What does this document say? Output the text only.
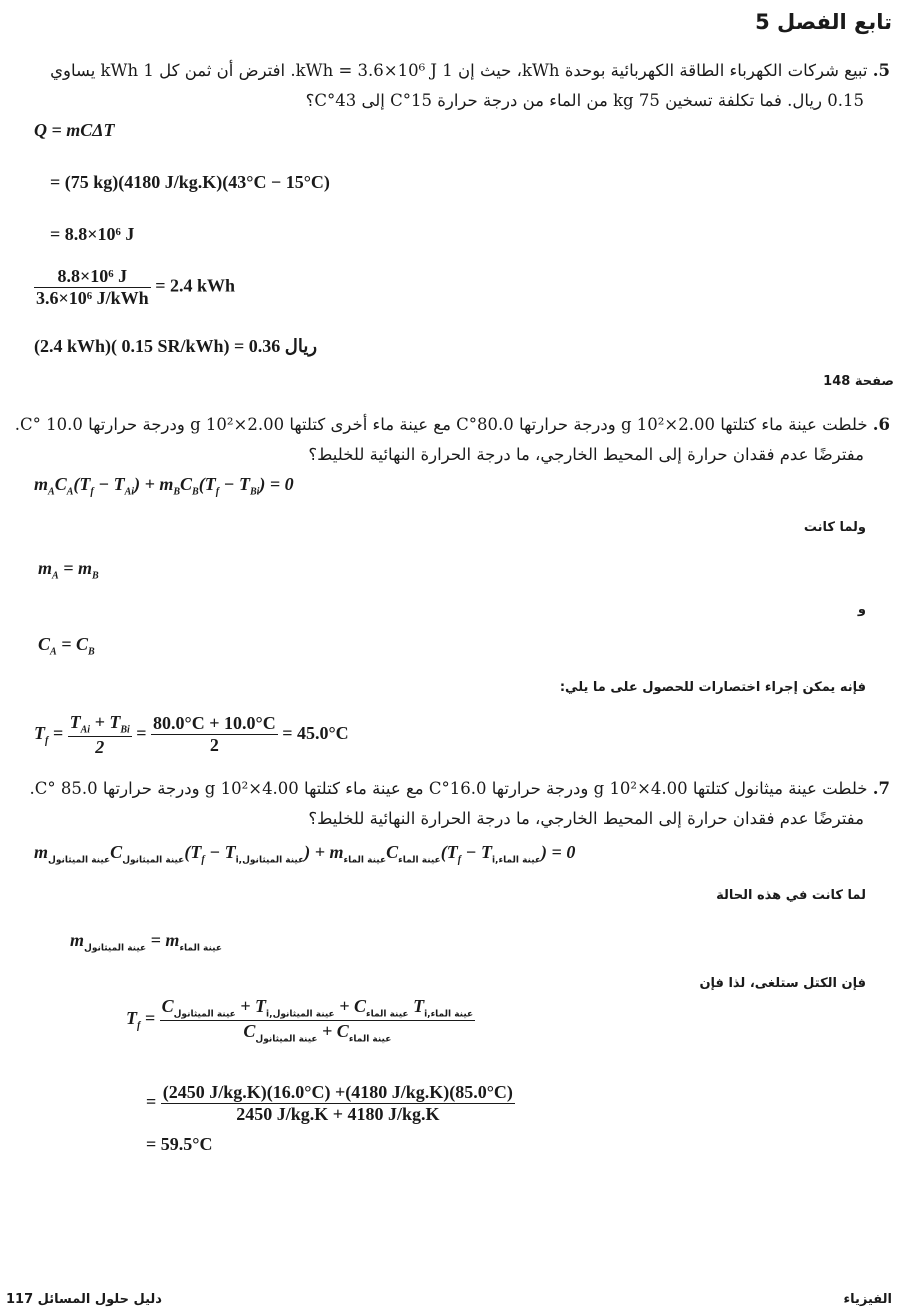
تابع الفصل 5
5. تبيع شركات الكهرباء الطاقة الكهربائية بوحدة kWh، حيث إن 1 kWh = 3.6×10⁶ J. افترض أن ثمن كل 1 kWh يساوي
0.15 ريال. فما تكلفة تسخين 75 kg من الماء من درجة حرارة 15°C إلى 43°C؟
Q = mCΔT
= (75 kg)(4180 J/kg.K)(43°C − 15°C)
= 8.8×10⁶ J
$\frac{\text{8.8×10⁶ J}}{\text{3.6×10⁶ J/kWh}} = 2.4$ kWh
(2.4 kWh)( 0.15 SR/kWh) = 0.36 ريال
صفحة 148
6. خلطت عينة ماء كتلتها 2.00×10² g ودرجة حرارتها 80.0°C مع عينة ماء أخرى كتلتها 2.00×10² g ودرجة حرارتها 10.0 °C.
مفترضًا عدم فقدان حرارة إلى المحيط الخارجي، ما درجة الحرارة النهائية للخليط؟
$m_AC_A(T_f - T_{Ai}) + m_BC_B(T_f - T_{Bi}) = 0$
ولما كانت
$m_A = m_B$
و
$C_A = C_B$
فإنه يمكن إجراء اختصارات للحصول على ما يلي:
$T_f = \frac{T_{Ai} + T_{Bi}}{2} = \frac{80.0^\circ C + 10.0^\circ C}{2} = 45.0^\circ C$
7. خلطت عينة ميثانول كتلتها 4.00×10² g ودرجة حرارتها 16.0°C مع عينة ماء كتلتها 4.00×10² g ودرجة حرارتها 85.0 °C.
مفترضًا عدم فقدان حرارة إلى المحيط الخارجي، ما درجة الحرارة النهائية للخليط؟
$m_{عينة الميثانول}C_{عينة الميثانول}(T_f - T_{i,عينة الميثانول}) + m_{عينة الماء}C_{عينة الماء}(T_f - T_{i,عينة الماء}) = 0$
لما كانت في هذه الحالة
$m_{عينة الميثانول} = m_{عينة الماء}$
فإن الكتل ستلغى، لذا فإن
$T_f$ =
$C_{عينة الميثانول} + T_{i,عينة الميثانول} + C_{عينة الماء}$ $T_{i,عينة الماء}$
$C_{عينة الميثانول} + C_{عينة الماء}$
= $\frac{(2450 J/kg.K)(16.0^\circ C) +(4180 J/kg.K)(85.0^\circ C)}{2450 J/kg.K + 4180 J/kg.K}$
= 59.5°C
دليل حلول المسائل 117	الفيزياء
